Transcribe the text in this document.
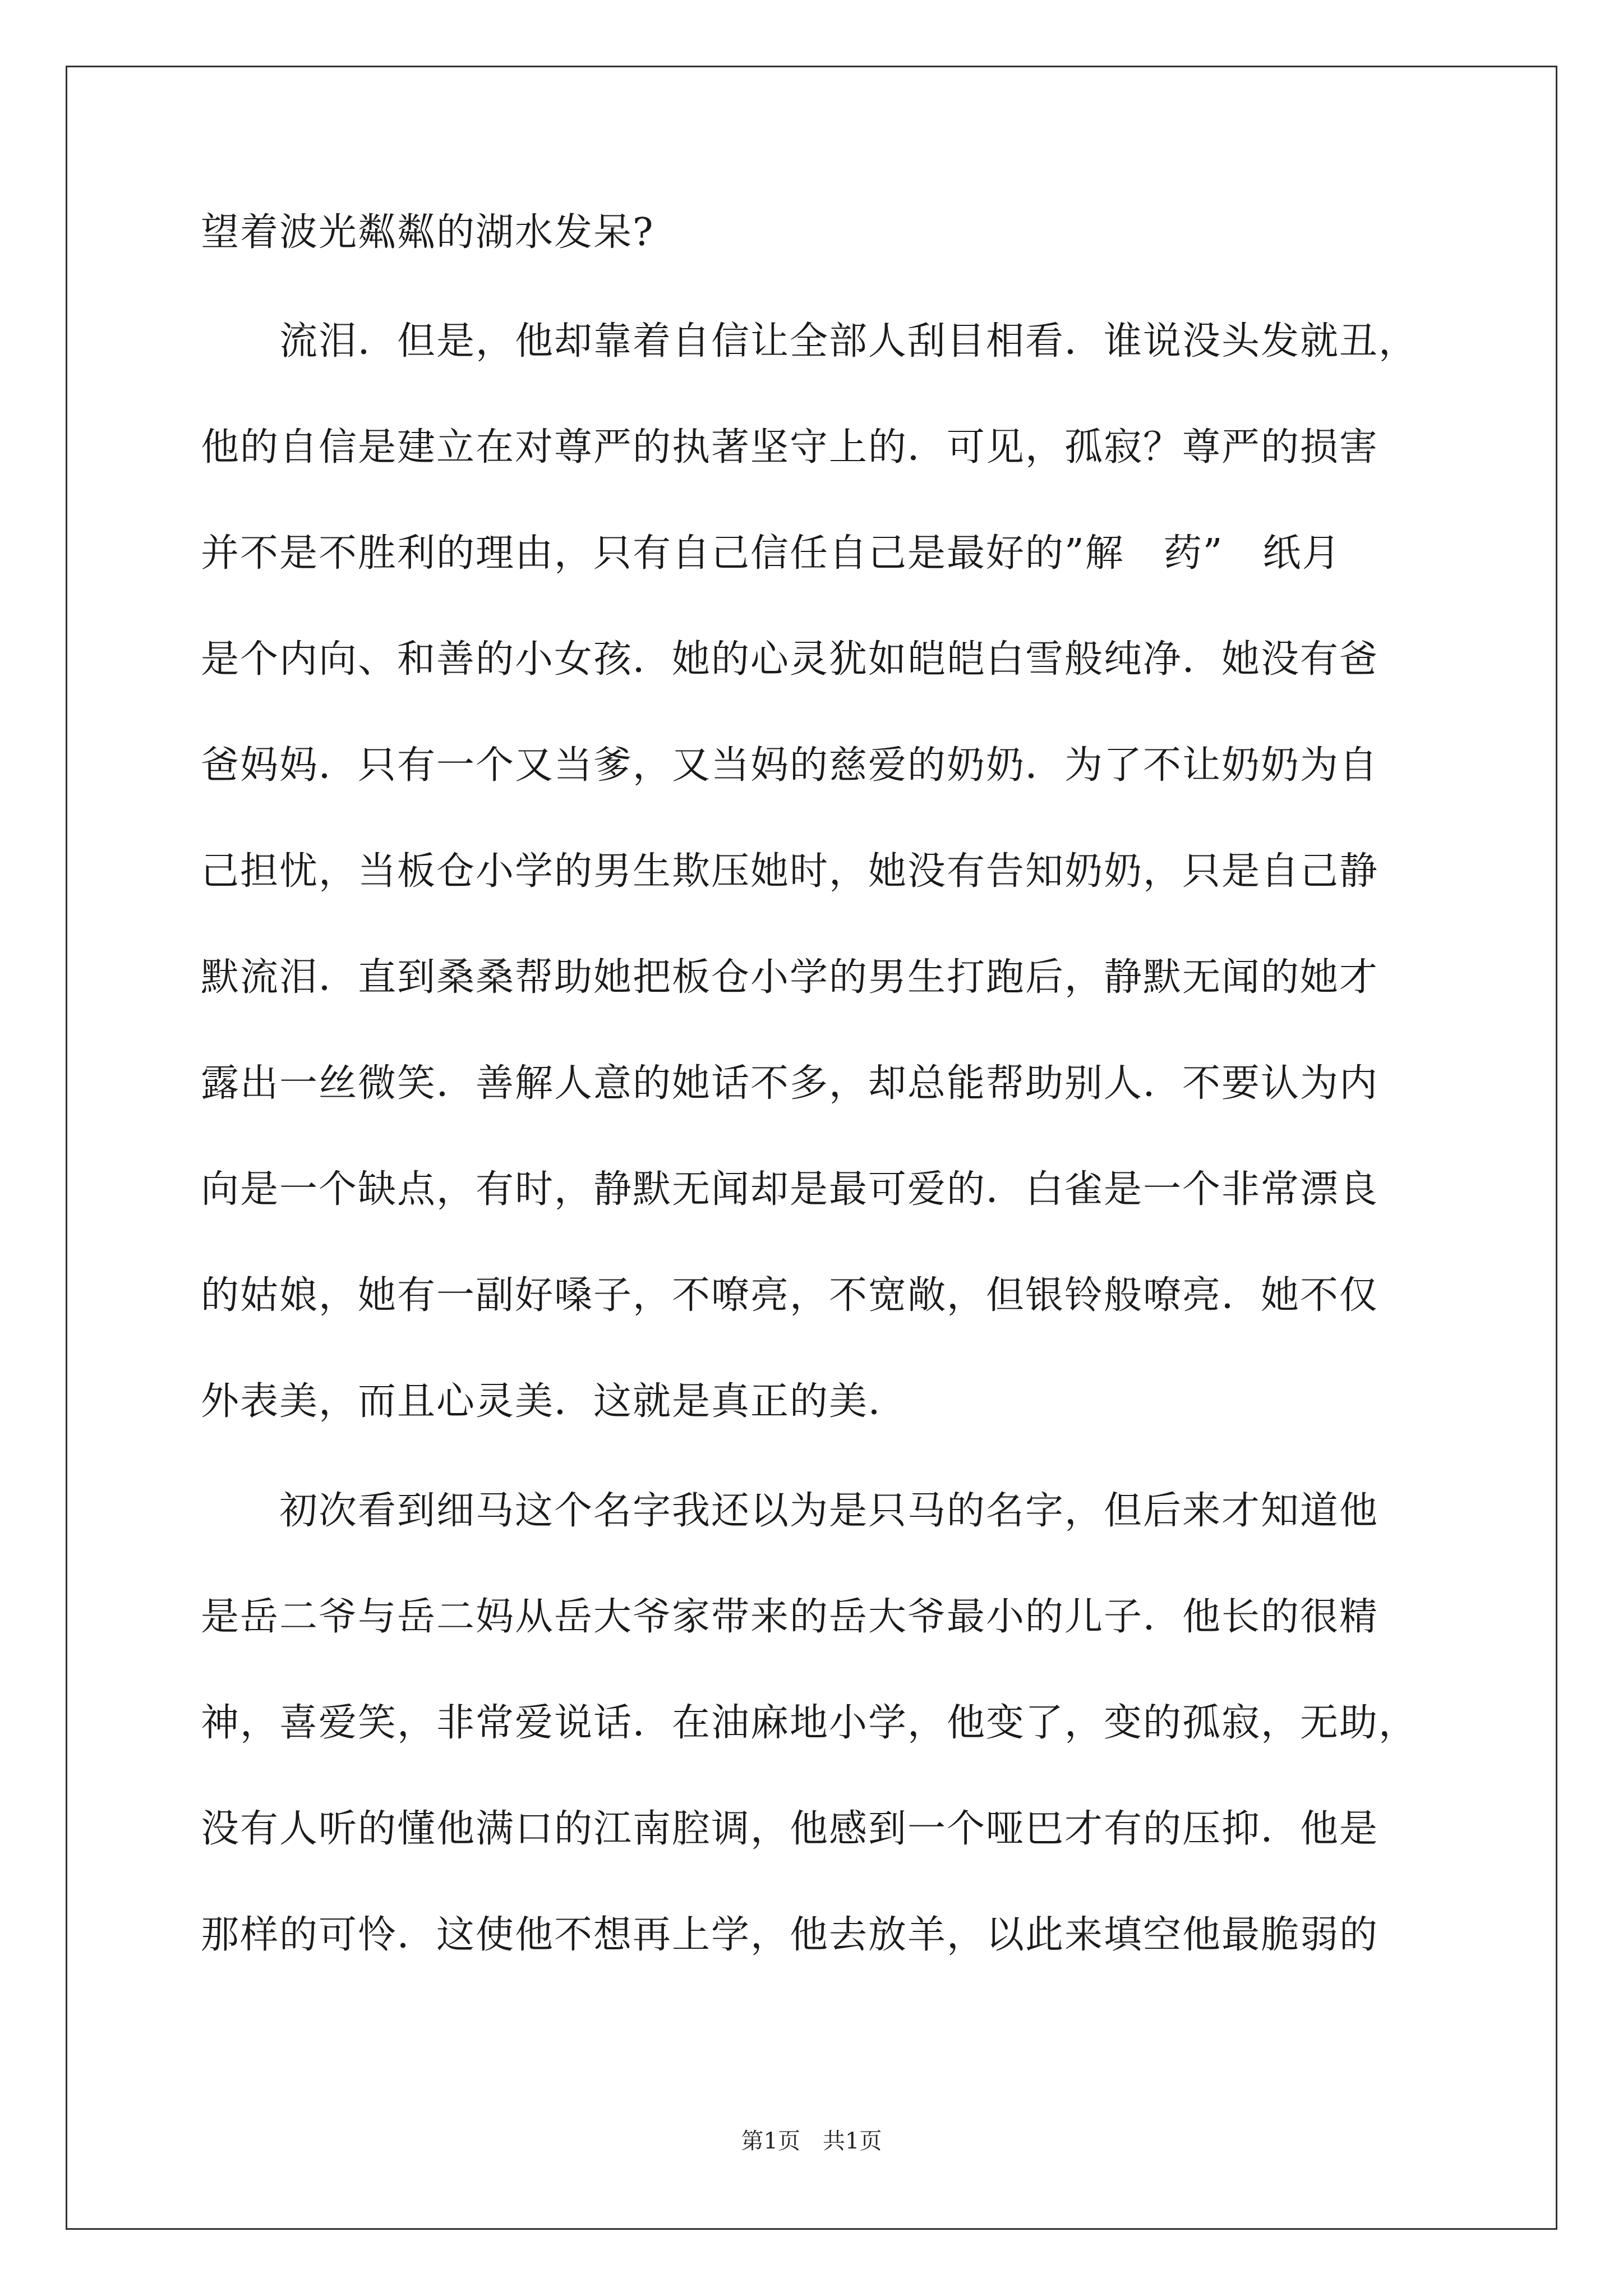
望着波光粼粼的湖水发呆?
　　流泪．但是，他却靠着自信让全部人刮目相看．谁说没头发就丑，
他的自信是建立在对尊严的执著坚守上的．可见，孤寂？尊严的损害
并不是不胜利的理由，只有自己信任自己是最好的”解　药”　纸月
是个内向、和善的小女孩．她的心灵犹如皑皑白雪般纯净．她没有爸
爸妈妈．只有一个又当爹，又当妈的慈爱的奶奶．为了不让奶奶为自
己担忧，当板仓小学的男生欺压她时，她没有告知奶奶，只是自己静
默流泪．直到桑桑帮助她把板仓小学的男生打跑后，静默无闻的她才
露出一丝微笑．善解人意的她话不多，却总能帮助别人．不要认为内
向是一个缺点，有时，静默无闻却是最可爱的．白雀是一个非常漂良
的姑娘，她有一副好嗓子，不嘹亮，不宽敞，但银铃般嘹亮．她不仅
外表美，而且心灵美．这就是真正的美．
　　初次看到细马这个名字我还以为是只马的名字，但后来才知道他
是岳二爷与岳二妈从岳大爷家带来的岳大爷最小的儿子．他长的很精
神，喜爱笑，非常爱说话．在油麻地小学，他变了，变的孤寂，无助，
没有人听的懂他满口的江南腔调，他感到一个哑巴才有的压抑．他是
那样的可怜．这使他不想再上学，他去放羊，以此来填空他最脆弱的
第1页　共1页
